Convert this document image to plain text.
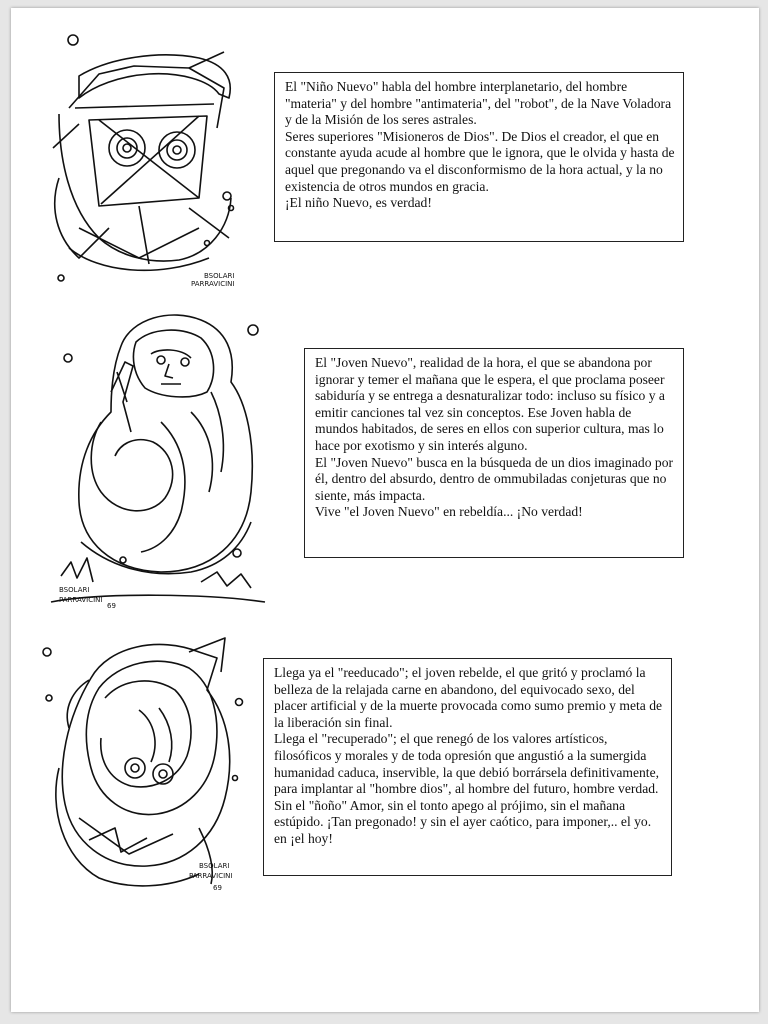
BSOLARI
PARRAVICINI

El "Niño Nuevo" habla del hombre interplanetario, del hombre "materia" y del hombre "antimateria", del "robot", de la Nave Voladora y de la Misión de los seres astrales.
Seres superiores "Misioneros de Dios". De Dios el creador, el que en constante ayuda acude al hombre que le ignora, que le olvida y hasta de aquel que pregonando va el disconformismo de la hora actual, y la no existencia de otros mundos en gracia.
¡El niño Nuevo, es verdad!

BSOLARI
PARRAVICINI
69

El "Joven Nuevo", realidad de la hora, el que se abandona por ignorar y temer el mañana que le espera, el que proclama poseer sabiduría y se entrega a desnaturalizar todo: incluso su físico y a emitir canciones tal vez sin conceptos. Ese Joven habla de mundos habitados, de seres en ellos con superior cultura, mas lo hace por exotismo y sin interés alguno.
El "Joven Nuevo" busca en la búsqueda de un dios imaginado por él, dentro del absurdo, dentro de ommubiladas conjeturas que no siente, más impacta.
Vive "el Joven Nuevo" en rebeldía... ¡No verdad!

BSOLARI
PARRAVICINI
69

Llega ya el "reeducado"; el joven rebelde, el que gritó y proclamó la belleza de la relajada carne en abandono, del equivocado sexo, del placer artificial y de la muerte provocada como sumo premio y meta de la liberación sin final.
Llega el "recuperado"; el que renegó de los valores artísticos, filosóficos y morales y de toda opresión que angustió a la sumergida humanidad caduca, inservible, la que debió borrársela definitivamente, para implantar al "hombre dios", al hombre del futuro, hombre verdad. Sin el "ñoño" Amor, sin el tonto apego al prójimo, sin el mañana estúpido. ¡Tan pregonado! y sin el ayer caótico, para imponer,.. el yo. en ¡el hoy!
